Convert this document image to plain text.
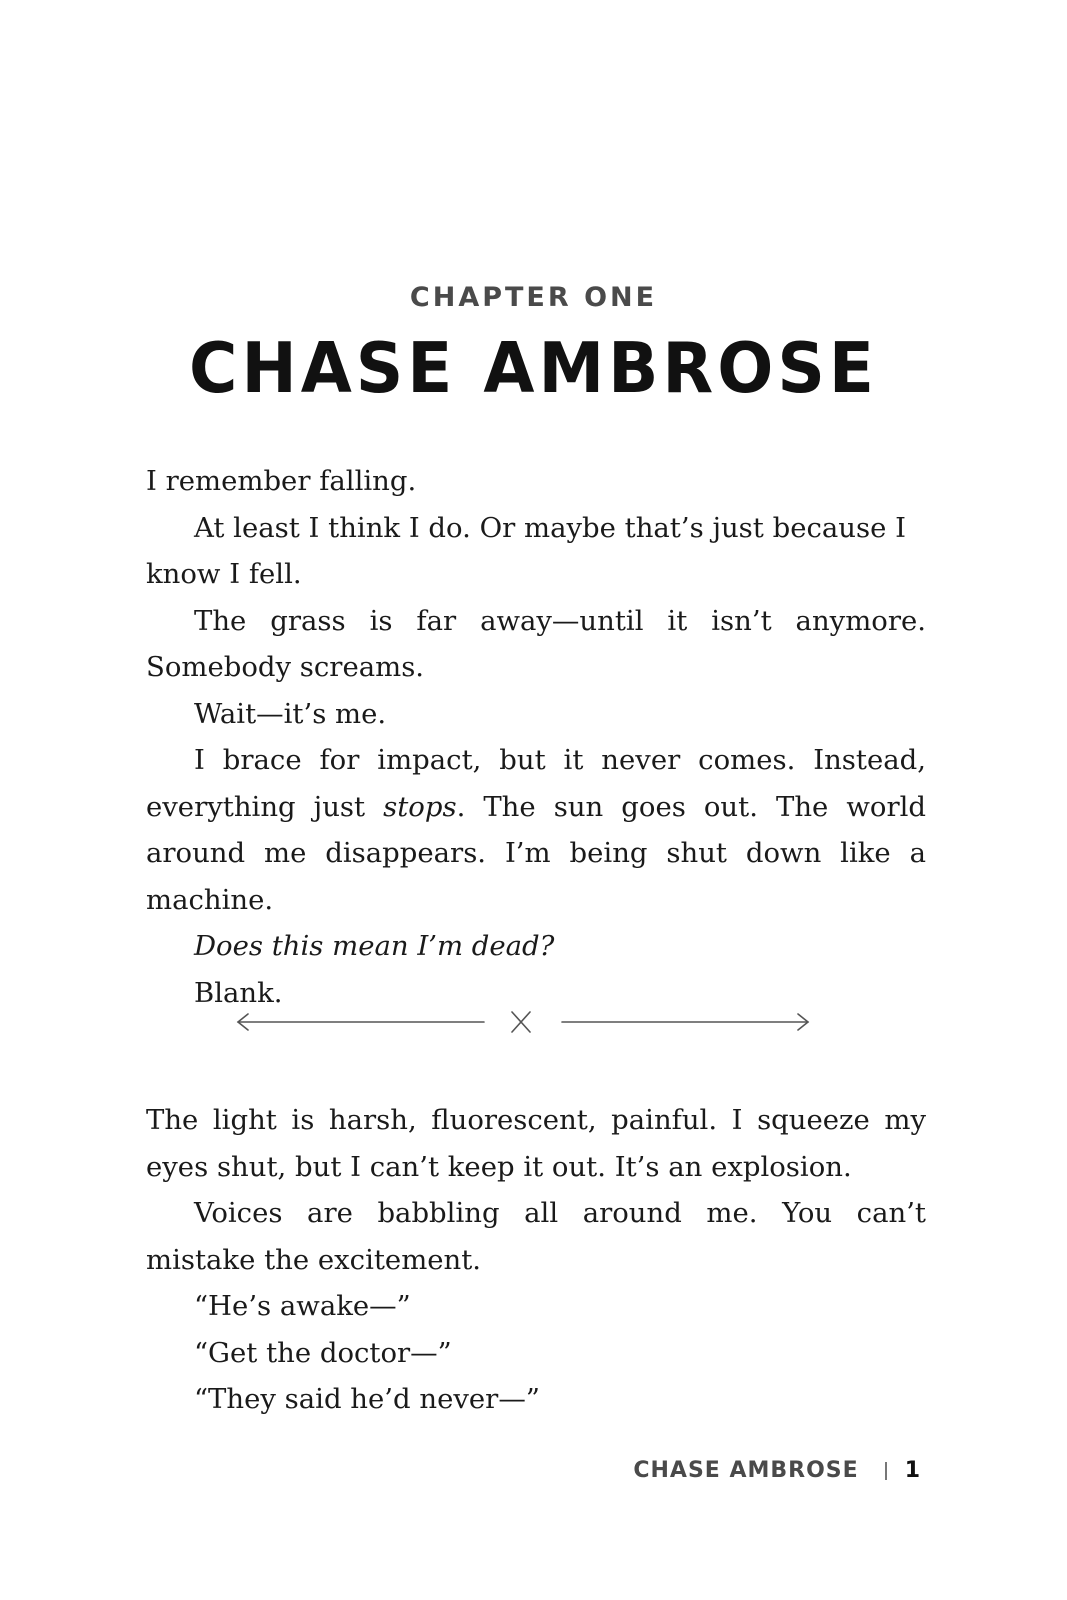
CHAPTER ONE
CHASE AMBROSE

I remember falling.

At least I think I do. Or maybe that’s just because I know I fell.

The grass is far away—until it isn’t anymore. Somebody screams.

Wait—it’s me.

I brace for impact, but it never comes. Instead, everything just stops. The sun goes out. The world around me disappears. I’m being shut down like a machine.

Does this mean I’m dead?

Blank.

The light is harsh, fluorescent, painful. I squeeze my eyes shut, but I can’t keep it out. It’s an explosion.

Voices are babbling all around me. You can’t mistake the excitement.

“He’s awake—”

“Get the doctor—”

“They said he’d never—”

CHASE AMBROSE 1
